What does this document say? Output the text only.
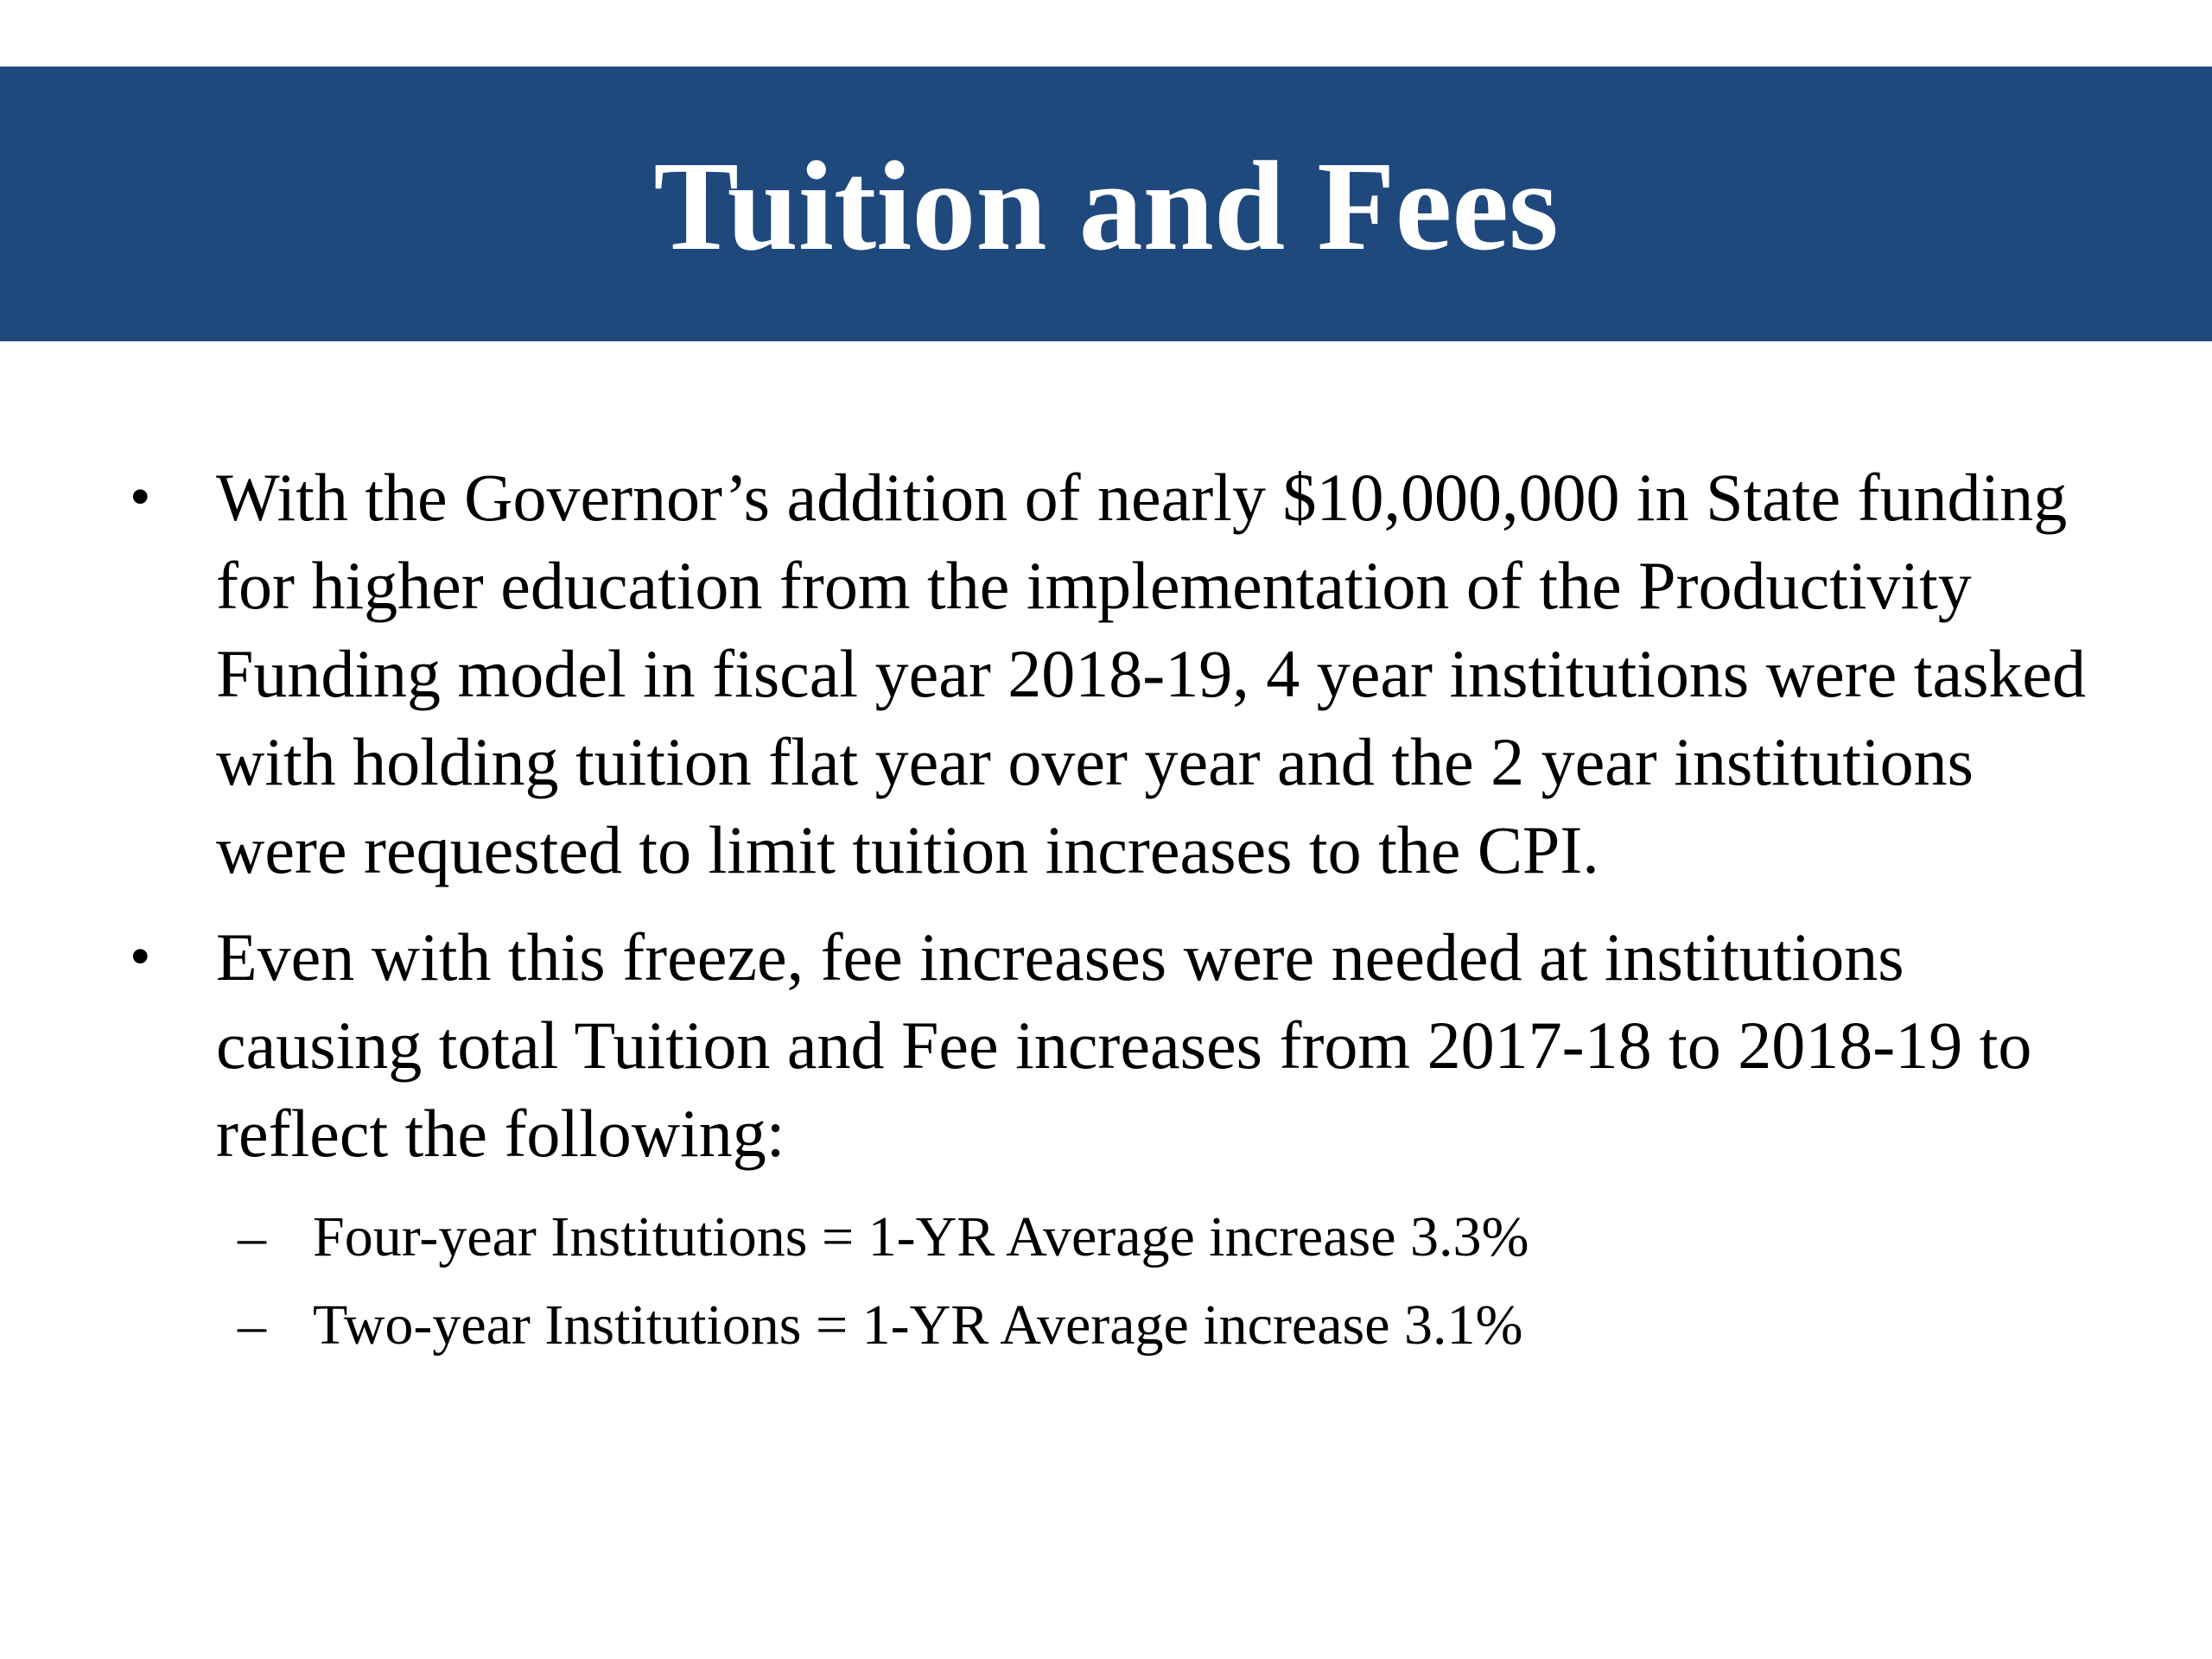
Tuition and Fees
• With the Governor’s addition of nearly $10,000,000 in State funding for higher education from the implementation of the Productivity Funding model in fiscal year 2018-19, 4 year institutions were tasked with holding tuition flat year over year and the 2 year institutions were requested to limit tuition increases to the CPI.
• Even with this freeze, fee increases were needed at institutions causing total Tuition and Fee increases from 2017-18 to 2018-19 to reflect the following:
– Four-year Institutions = 1-YR Average increase 3.3%
– Two-year Institutions = 1-YR Average increase 3.1%
